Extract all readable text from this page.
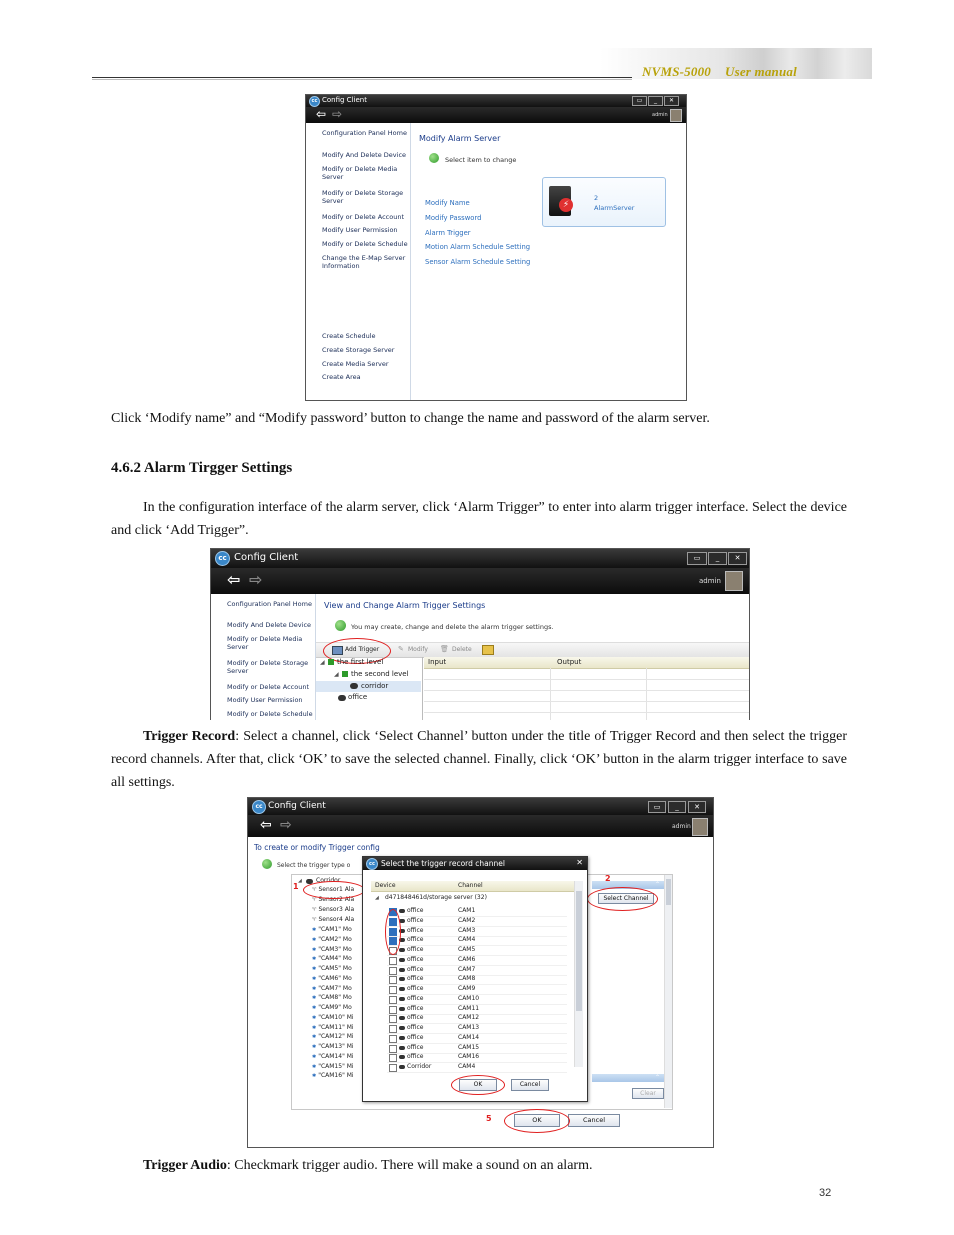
NVMS-5000 User manual
cc Config Client	▭	_	✕
⇦ ⇨	admin
Configuration Panel Home
Modify And Delete Device
Modify or Delete Media Server
Modify or Delete Storage Server
Modify or Delete Account
Modify User Permission
Modify or Delete Schedule
Change the E-Map Server Information
Create Schedule
Create Storage Server
Create Media Server
Create Area
Modify Alarm Server
Select item to change
Modify Name
Modify Password
Alarm Trigger
Motion Alarm Schedule Setting
Sensor Alarm Schedule Setting
⚡
2
AlarmServer
Click ‘Modify name” and “Modify password’ button to change the name and password of the alarm server.
4.6.2 Alarm Tirgger Settings
In the configuration interface of the alarm server, click ‘Alarm Trigger” to enter into alarm trigger interface. Select the device and click ‘Add Trigger”.
cc Config Client	▭	_	✕
⇦ ⇨	admin
Configuration Panel Home
Modify And Delete Device
Modify or Delete Media Server
Modify or Delete Storage Server
Modify or Delete Account
Modify User Permission
Modify or Delete Schedule
View and Change Alarm Trigger Settings
You may create, change and delete the alarm trigger settings.
Add Trigger	✎ Modify 🗑 Delete
◢ the first level
◢ the second level
corridor
office
Input	Output
Trigger Record: Select a channel, click ‘Select Channel’ button under the title of Trigger Record and then select the trigger record channels. After that, click ‘OK’ to save the selected channel. Finally, click ‘OK’ button in the alarm trigger interface to save all settings.
cc Config Client	▭	_	✕
⇦ ⇨	admin
To create or modify Trigger config
Select the trigger type o
◢ Corridor
♈ Sensor1 Ala
♈ Sensor2 Ala
♈ Sensor3 Ala
♈ Sensor4 Ala
✱ "CAM1" Mo
✱ "CAM2" Mo
✱ "CAM3" Mo
✱ "CAM4" Mo
✱ "CAM5" Mo
✱ "CAM6" Mo
✱ "CAM7" Mo
✱ "CAM8" Mo
✱ "CAM9" Mo
✱ "CAM10" Mi
✱ "CAM11" Mi
✱ "CAM12" Mi
✱ "CAM13" Mi
✱ "CAM14" Mi
✱ "CAM15" Mi
✱ "CAM16" Mi
⌃
Select Channel
⌃
Clear
OK	Cancel
1
2
5
cc Select the trigger record channel	✕
Device	Channel
◢ d471848461d/storage server (32)
office	CAM1
office	CAM2
office	CAM3
office	CAM4
office	CAM5
office	CAM6
office	CAM7
office	CAM8
office	CAM9
office	CAM10
office	CAM11
office	CAM12
office	CAM13
office	CAM14
office	CAM15
office	CAM16
Corridor	CAM4
OK	Cancel
Trigger Audio: Checkmark trigger audio. There will make a sound on an alarm.
32
